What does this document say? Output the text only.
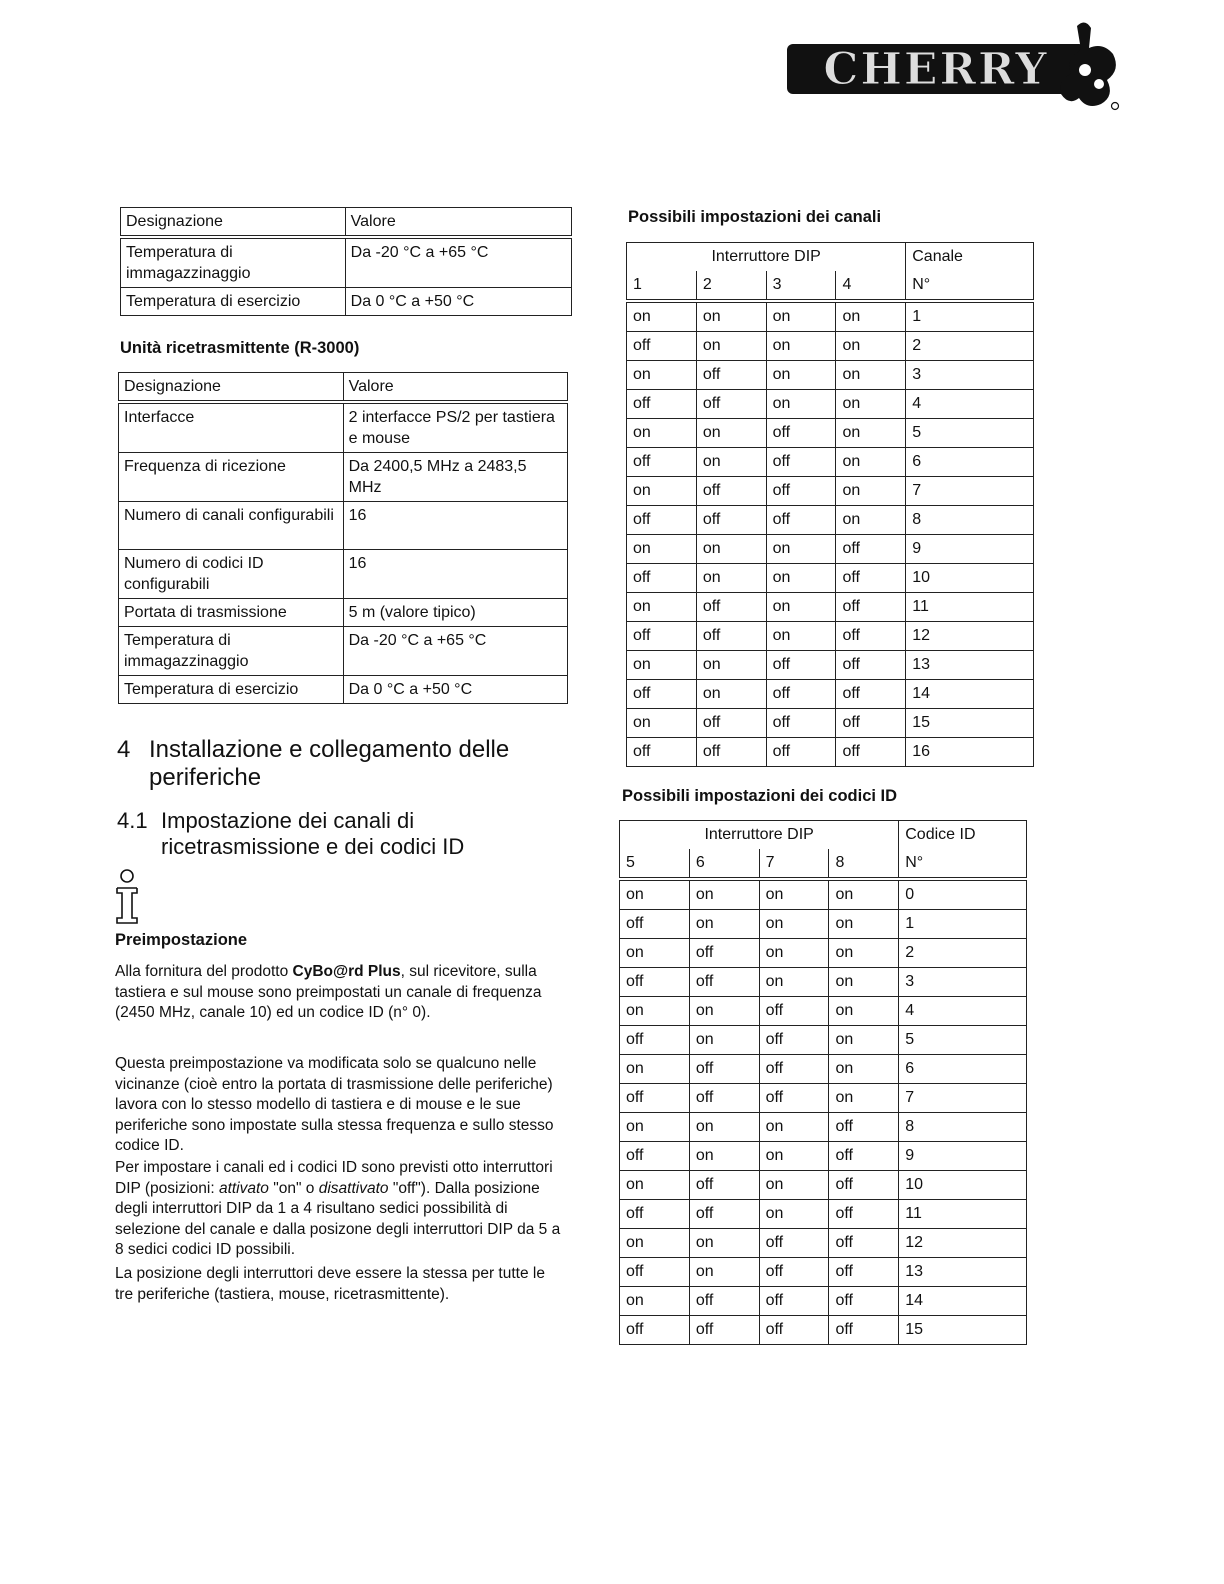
CHERRY
Designazione	Valore
Temperatura di immagazzinaggio	Da -20 °C a +65 °C
Temperatura di esercizio	Da 0 °C a +50 °C
Unità ricetrasmittente (R-3000)
Designazione	Valore
Interfacce	2 interfacce PS/2 per tastiera e mouse
Frequenza di ricezione	Da 2400,5 MHz a 2483,5 MHz
Numero di canali configurabili	16
Numero di codici ID configurabili	16
Portata di trasmissione	5 m (valore tipico)
Temperatura di immagazzinaggio	Da -20 °C a +65 °C
Temperatura di esercizio	Da 0 °C a +50 °C
4 Installazione e collegamento delle periferiche
4.1 Impostazione dei canali di ricetrasmissione e dei codici ID
Preimpostazione
Alla fornitura del prodotto CyBo@rd Plus, sul ricevitore, sulla tastiera e sul mouse sono preimpostati un canale di frequenza (2450 MHz, canale 10) ed un codice ID (n° 0).
Questa preimpostazione va modificata solo se qualcuno nelle vicinanze (cioè entro la portata di trasmissione delle periferiche) lavora con lo stesso modello di tastiera e di mouse e le sue periferiche sono impostate sulla stessa frequenza e sullo stesso codice ID.
Per impostare i canali ed i codici ID sono previsti otto interruttori DIP (posizioni: attivato "on" o disattivato "off"). Dalla posizione degli interruttori DIP da 1 a 4 risultano sedici possibilità di selezione del canale e dalla posizone degli interruttori DIP da 5 a 8 sedici codici ID possibili.
La posizione degli interruttori deve essere la stessa per tutte le tre periferiche (tastiera, mouse, ricetrasmittente).
Possibili impostazioni dei canali
Interruttore DIP				Canale
1	2	3	4	N°
on	on	on	on	1
off	on	on	on	2
on	off	on	on	3
off	off	on	on	4
on	on	off	on	5
off	on	off	on	6
on	off	off	on	7
off	off	off	on	8
on	on	on	off	9
off	on	on	off	10
on	off	on	off	11
off	off	on	off	12
on	on	off	off	13
off	on	off	off	14
on	off	off	off	15
off	off	off	off	16
Possibili impostazioni dei codici ID
Interruttore DIP				Codice ID
5	6	7	8	N°
on	on	on	on	0
off	on	on	on	1
on	off	on	on	2
off	off	on	on	3
on	on	off	on	4
off	on	off	on	5
on	off	off	on	6
off	off	off	on	7
on	on	on	off	8
off	on	on	off	9
on	off	on	off	10
off	off	on	off	11
on	on	off	off	12
off	on	off	off	13
on	off	off	off	14
off	off	off	off	15
